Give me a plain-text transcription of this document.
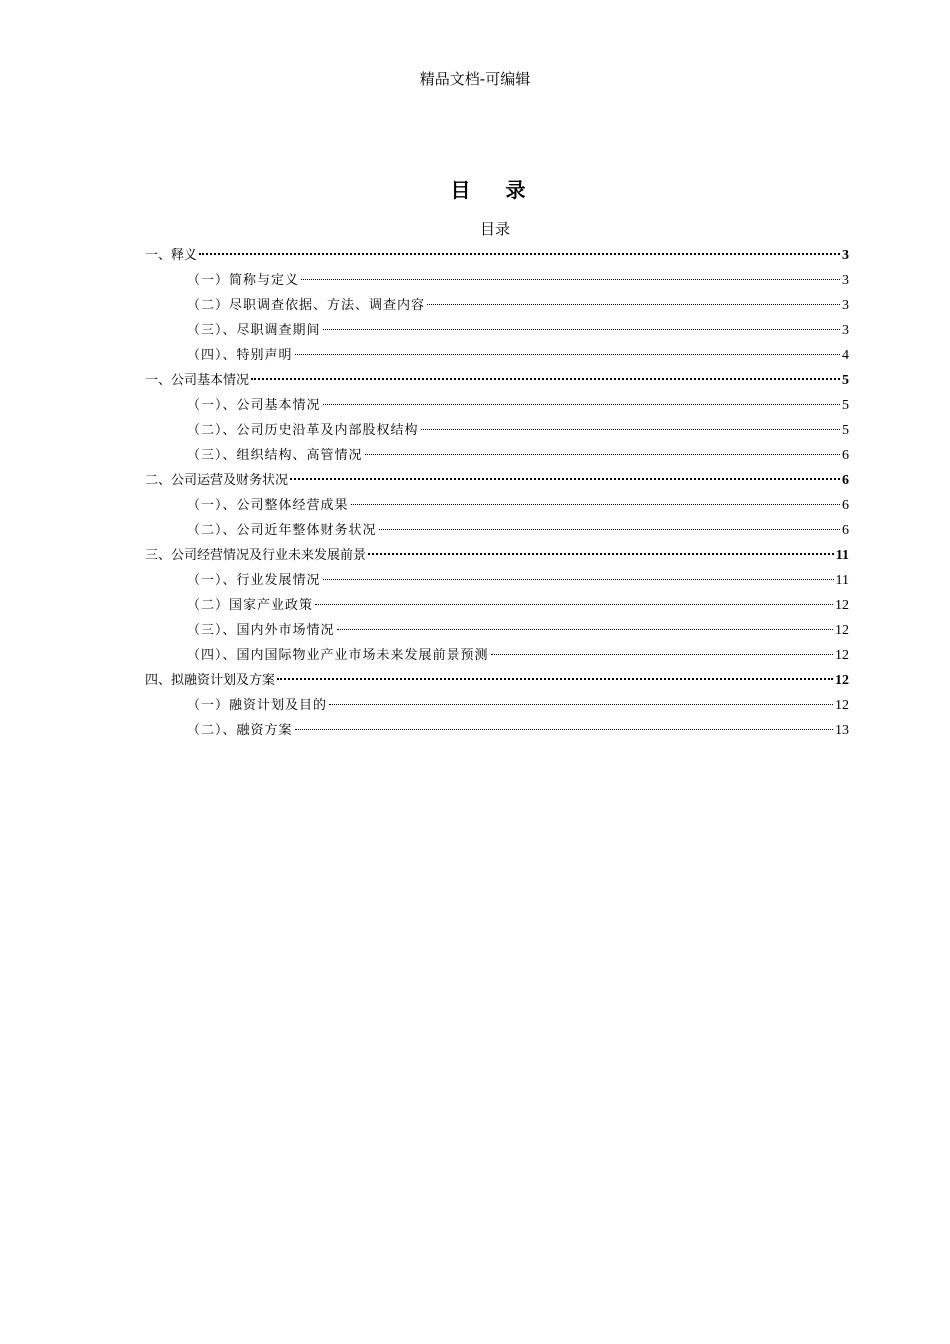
精品文档-可编辑
目 录
目录
一、释义	3
（一）简称与定义	3
（二）尽职调查依据、方法、调查内容	3
（三）、尽职调查期间	3
（四）、特别声明	4
一、公司基本情况	5
（一）、公司基本情况	5
（二）、公司历史沿革及内部股权结构	5
（三）、组织结构、高管情况	6
二、公司运营及财务状况	6
（一）、公司整体经营成果	6
（二）、公司近年整体财务状况	6
三、公司经营情况及行业未来发展前景	11
（一）、行业发展情况	11
（二）国家产业政策	12
（三）、国内外市场情况	12
（四）、国内国际物业产业市场未来发展前景预测	12
四、拟融资计划及方案	12
（一）融资计划及目的	12
（二）、融资方案	13
